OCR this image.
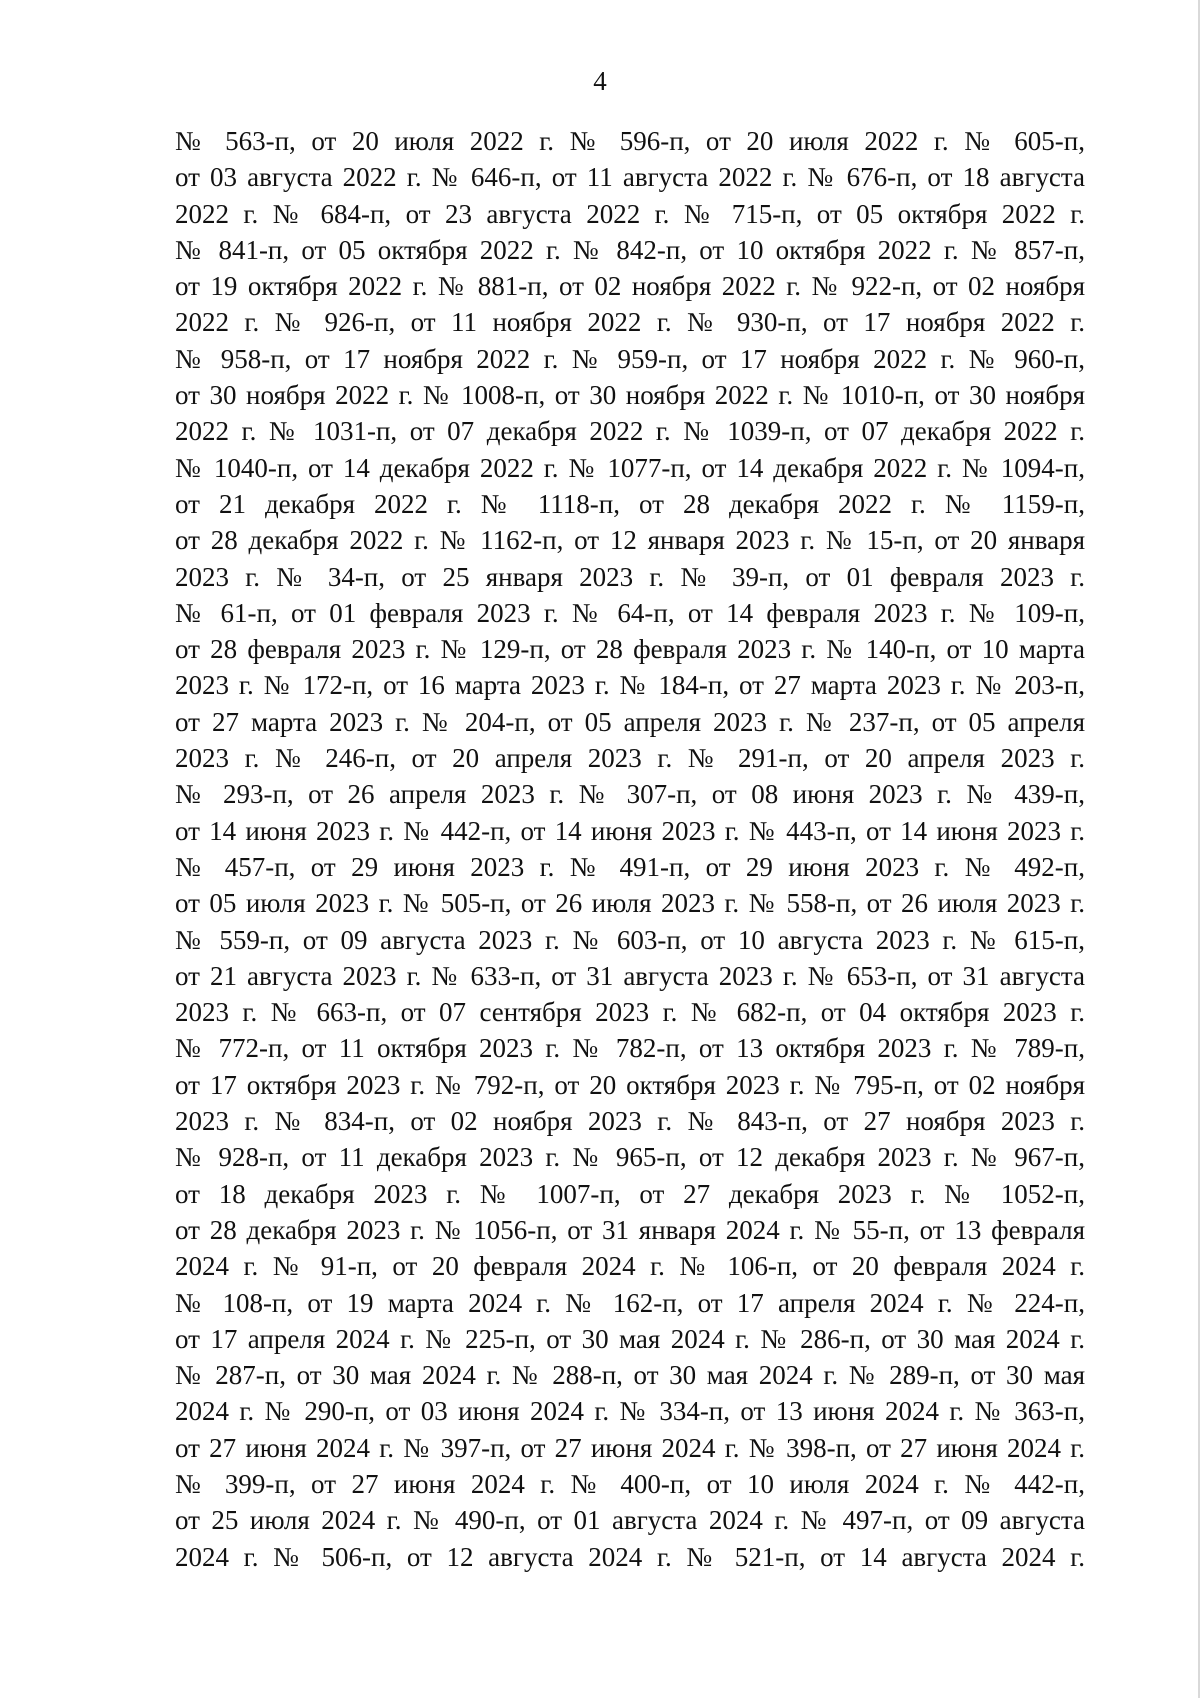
4
№ 563-п, от 20 июля 2022 г. № 596-п, от 20 июля 2022 г. № 605-п,
от 03 августа 2022 г. № 646-п, от 11 августа 2022 г. № 676-п, от 18 августа
2022 г. № 684-п, от 23 августа 2022 г. № 715-п, от 05 октября 2022 г.
№ 841-п, от 05 октября 2022 г. № 842-п, от 10 октября 2022 г. № 857-п,
от 19 октября 2022 г. № 881-п, от 02 ноября 2022 г. № 922-п, от 02 ноября
2022 г. № 926-п, от 11 ноября 2022 г. № 930-п, от 17 ноября 2022 г.
№ 958-п, от 17 ноября 2022 г. № 959-п, от 17 ноября 2022 г. № 960-п,
от 30 ноября 2022 г. № 1008-п, от 30 ноября 2022 г. № 1010-п, от 30 ноября
2022 г. № 1031-п, от 07 декабря 2022 г. № 1039-п, от 07 декабря 2022 г.
№ 1040-п, от 14 декабря 2022 г. № 1077-п, от 14 декабря 2022 г. № 1094-п,
от 21 декабря 2022 г. № 1118-п, от 28 декабря 2022 г. № 1159-п,
от 28 декабря 2022 г. № 1162-п, от 12 января 2023 г. № 15-п, от 20 января
2023 г. № 34-п, от 25 января 2023 г. № 39-п, от 01 февраля 2023 г.
№ 61-п, от 01 февраля 2023 г. № 64-п, от 14 февраля 2023 г. № 109-п,
от 28 февраля 2023 г. № 129-п, от 28 февраля 2023 г. № 140-п, от 10 марта
2023 г. № 172-п, от 16 марта 2023 г. № 184-п, от 27 марта 2023 г. № 203-п,
от 27 марта 2023 г. № 204-п, от 05 апреля 2023 г. № 237-п, от 05 апреля
2023 г. № 246-п, от 20 апреля 2023 г. № 291-п, от 20 апреля 2023 г.
№ 293-п, от 26 апреля 2023 г. № 307-п, от 08 июня 2023 г. № 439-п,
от 14 июня 2023 г. № 442-п, от 14 июня 2023 г. № 443-п, от 14 июня 2023 г.
№ 457-п, от 29 июня 2023 г. № 491-п, от 29 июня 2023 г. № 492-п,
от 05 июля 2023 г. № 505-п, от 26 июля 2023 г. № 558-п, от 26 июля 2023 г.
№ 559-п, от 09 августа 2023 г. № 603-п, от 10 августа 2023 г. № 615-п,
от 21 августа 2023 г. № 633-п, от 31 августа 2023 г. № 653-п, от 31 августа
2023 г. № 663-п, от 07 сентября 2023 г. № 682-п, от 04 октября 2023 г.
№ 772-п, от 11 октября 2023 г. № 782-п, от 13 октября 2023 г. № 789-п,
от 17 октября 2023 г. № 792-п, от 20 октября 2023 г. № 795-п, от 02 ноября
2023 г. № 834-п, от 02 ноября 2023 г. № 843-п, от 27 ноября 2023 г.
№ 928-п, от 11 декабря 2023 г. № 965-п, от 12 декабря 2023 г. № 967-п,
от 18 декабря 2023 г. № 1007-п, от 27 декабря 2023 г. № 1052-п,
от 28 декабря 2023 г. № 1056-п, от 31 января 2024 г. № 55-п, от 13 февраля
2024 г. № 91-п, от 20 февраля 2024 г. № 106-п, от 20 февраля 2024 г.
№ 108-п, от 19 марта 2024 г. № 162-п, от 17 апреля 2024 г. № 224-п,
от 17 апреля 2024 г. № 225-п, от 30 мая 2024 г. № 286-п, от 30 мая 2024 г.
№ 287-п, от 30 мая 2024 г. № 288-п, от 30 мая 2024 г. № 289-п, от 30 мая
2024 г. № 290-п, от 03 июня 2024 г. № 334-п, от 13 июня 2024 г. № 363-п,
от 27 июня 2024 г. № 397-п, от 27 июня 2024 г. № 398-п, от 27 июня 2024 г.
№ 399-п, от 27 июня 2024 г. № 400-п, от 10 июля 2024 г. № 442-п,
от 25 июля 2024 г. № 490-п, от 01 августа 2024 г. № 497-п, от 09 августа
2024 г. № 506-п, от 12 августа 2024 г. № 521-п, от 14 августа 2024 г.
